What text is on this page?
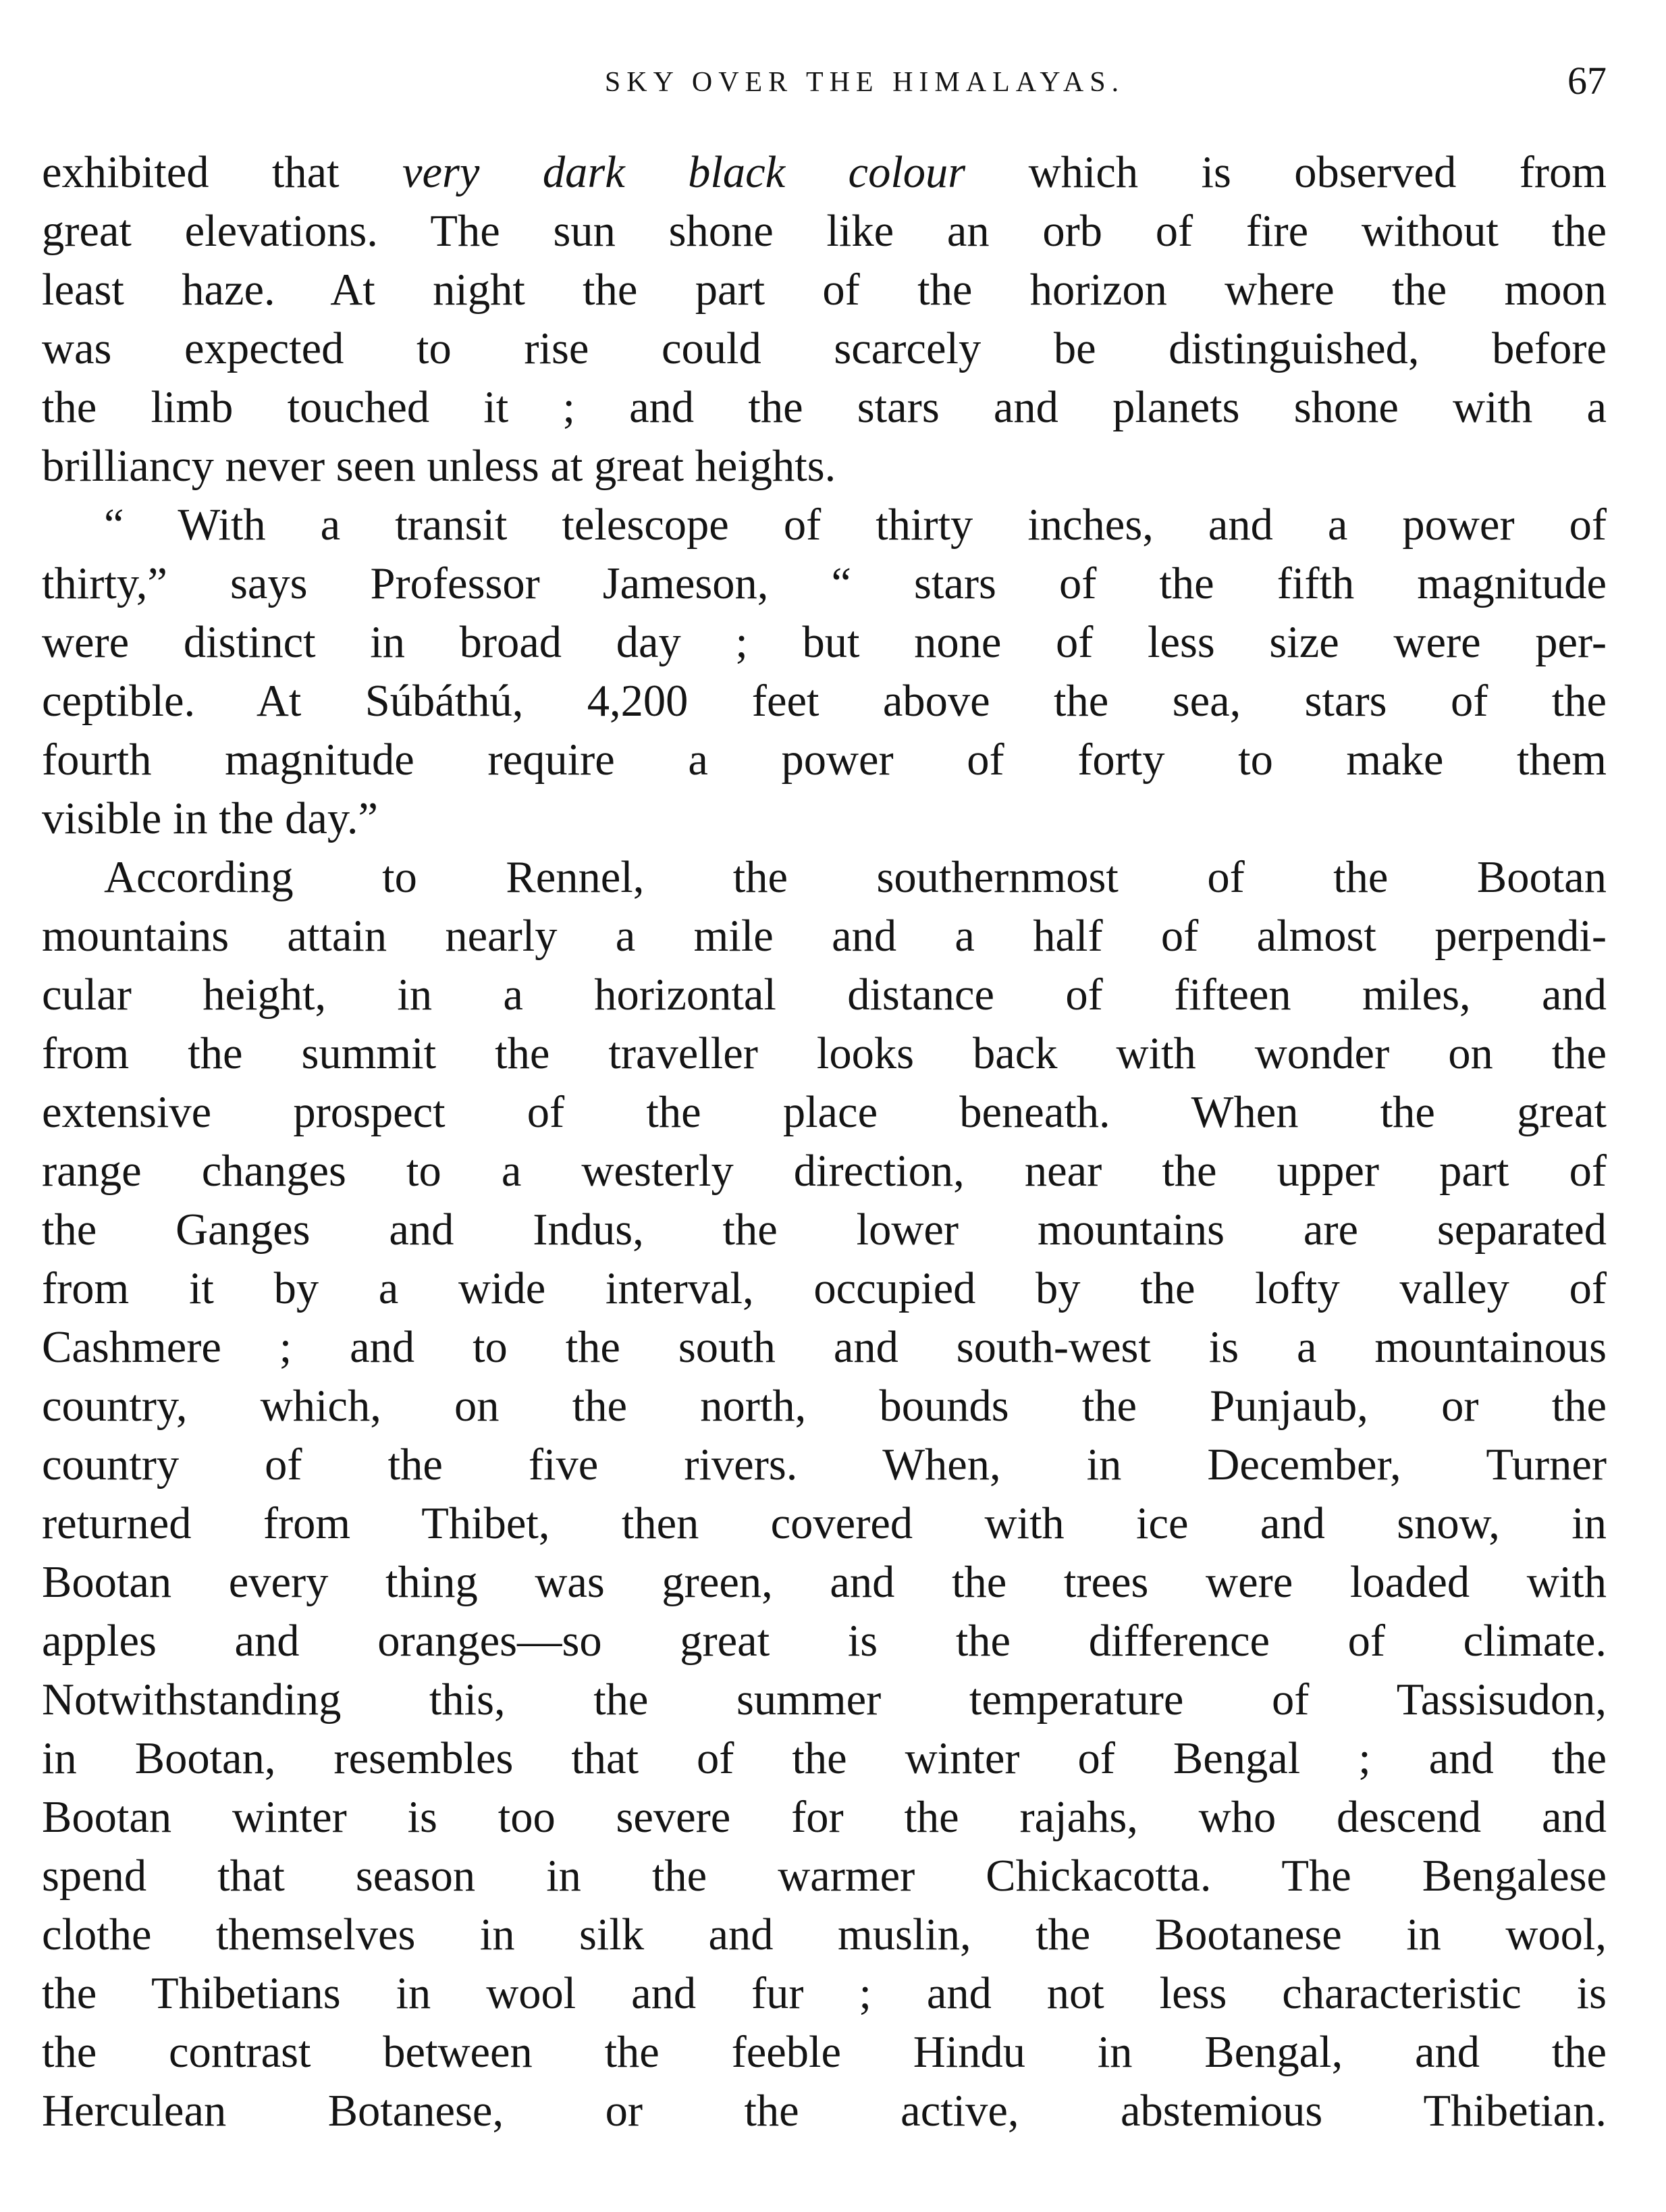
SKY OVER THE HIMALAYAS.	67
exhibited that very dark black colour which is observed from
great elevations. The sun shone like an orb of fire without the
least haze. At night the part of the horizon where the moon
was expected to rise could scarcely be distinguished, before
the limb touched it ; and the stars and planets shone with a
brilliancy never seen unless at great heights.
“ With a transit telescope of thirty inches, and a power of
thirty,” says Professor Jameson, “ stars of the fifth magnitude
were distinct in broad day ; but none of less size were per-
ceptible. At Súbáthú, 4,200 feet above the sea, stars of the
fourth magnitude require a power of forty to make them
visible in the day.”
According to Rennel, the southernmost of the Bootan
mountains attain nearly a mile and a half of almost perpendi-
cular height, in a horizontal distance of fifteen miles, and
from the summit the traveller looks back with wonder on the
extensive prospect of the place beneath. When the great
range changes to a westerly direction, near the upper part of
the Ganges and Indus, the lower mountains are separated
from it by a wide interval, occupied by the lofty valley of
Cashmere ; and to the south and south-west is a mountainous
country, which, on the north, bounds the Punjaub, or the
country of the five rivers. When, in December, Turner
returned from Thibet, then covered with ice and snow, in
Bootan every thing was green, and the trees were loaded with
apples and oranges—so great is the difference of climate.
Notwithstanding this, the summer temperature of Tassisudon,
in Bootan, resembles that of the winter of Bengal ; and the
Bootan winter is too severe for the rajahs, who descend and
spend that season in the warmer Chickacotta. The Bengalese
clothe themselves in silk and muslin, the Bootanese in wool,
the Thibetians in wool and fur ; and not less characteristic is
the contrast between the feeble Hindu in Bengal, and the
Herculean Botanese, or the active, abstemious Thibetian.
